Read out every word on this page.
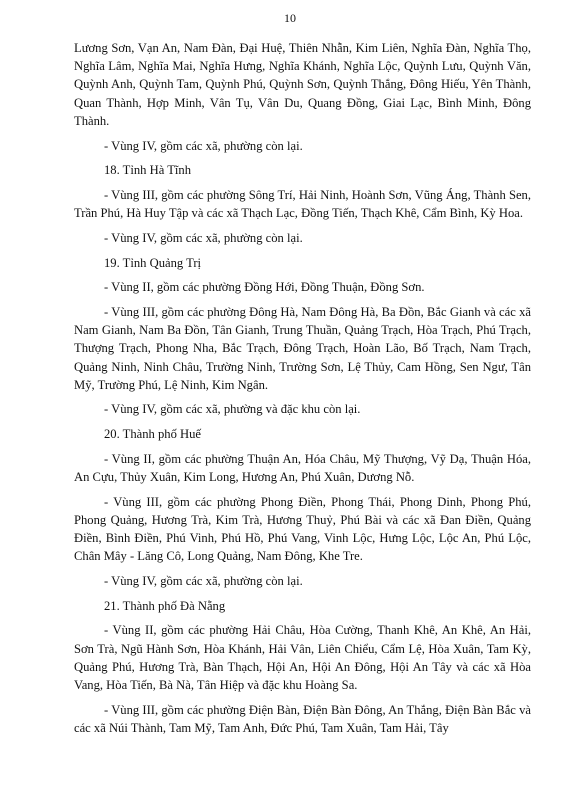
10

Lương Sơn, Vạn An, Nam Đàn, Đại Huệ, Thiên Nhẫn, Kim Liên, Nghĩa Đàn, Nghĩa Thọ, Nghĩa Lâm, Nghĩa Mai, Nghĩa Hưng, Nghĩa Khánh, Nghĩa Lộc, Quỳnh Lưu, Quỳnh Văn, Quỳnh Anh, Quỳnh Tam, Quỳnh Phú, Quỳnh Sơn, Quỳnh Thắng, Đông Hiếu, Yên Thành, Quan Thành, Hợp Minh, Vân Tụ, Vân Du, Quang Đồng, Giai Lạc, Bình Minh, Đông Thành.

- Vùng IV, gồm các xã, phường còn lại.

18. Tỉnh Hà Tĩnh

- Vùng III, gồm các phường Sông Trí, Hải Ninh, Hoành Sơn, Vũng Áng, Thành Sen, Trần Phú, Hà Huy Tập và các xã Thạch Lạc, Đồng Tiến, Thạch Khê, Cẩm Bình, Kỳ Hoa.

- Vùng IV, gồm các xã, phường còn lại.

19. Tỉnh Quảng Trị

- Vùng II, gồm các phường Đồng Hới, Đồng Thuận, Đồng Sơn.

- Vùng III, gồm các phường Đông Hà, Nam Đông Hà, Ba Đồn, Bắc Gianh và các xã Nam Gianh, Nam Ba Đồn, Tân Gianh, Trung Thuần, Quảng Trạch, Hòa Trạch, Phú Trạch, Thượng Trạch, Phong Nha, Bắc Trạch, Đông Trạch, Hoàn Lão, Bố Trạch, Nam Trạch, Quảng Ninh, Ninh Châu, Trường Ninh, Trường Sơn, Lệ Thủy, Cam Hồng, Sen Ngư, Tân Mỹ, Trường Phú, Lệ Ninh, Kim Ngân.

- Vùng IV, gồm các xã, phường và đặc khu còn lại.

20. Thành phố Huế

- Vùng II, gồm các phường Thuận An, Hóa Châu, Mỹ Thượng, Vỹ Dạ, Thuận Hóa, An Cựu, Thủy Xuân, Kim Long, Hương An, Phú Xuân, Dương Nỗ.

- Vùng III, gồm các phường Phong Điền, Phong Thái, Phong Dinh, Phong Phú, Phong Quảng, Hương Trà, Kim Trà, Hương Thuỷ, Phú Bài và các xã Đan Điền, Quảng Điền, Bình Điền, Phú Vinh, Phú Hồ, Phú Vang, Vinh Lộc, Hưng Lộc, Lộc An, Phú Lộc, Chân Mây - Lăng Cô, Long Quảng, Nam Đông, Khe Tre.

- Vùng IV, gồm các xã, phường còn lại.

21. Thành phố Đà Nẵng

- Vùng II, gồm các phường Hải Châu, Hòa Cường, Thanh Khê, An Khê, An Hải, Sơn Trà, Ngũ Hành Sơn, Hòa Khánh, Hải Vân, Liên Chiểu, Cẩm Lệ, Hòa Xuân, Tam Kỳ, Quảng Phú, Hương Trà, Bàn Thạch, Hội An, Hội An Đông, Hội An Tây và các xã Hòa Vang, Hòa Tiến, Bà Nà, Tân Hiệp và đặc khu Hoàng Sa.

- Vùng III, gồm các phường Điện Bàn, Điện Bàn Đông, An Thắng, Điện Bàn Bắc và các xã Núi Thành, Tam Mỹ, Tam Anh, Đức Phú, Tam Xuân, Tam Hải, Tây
